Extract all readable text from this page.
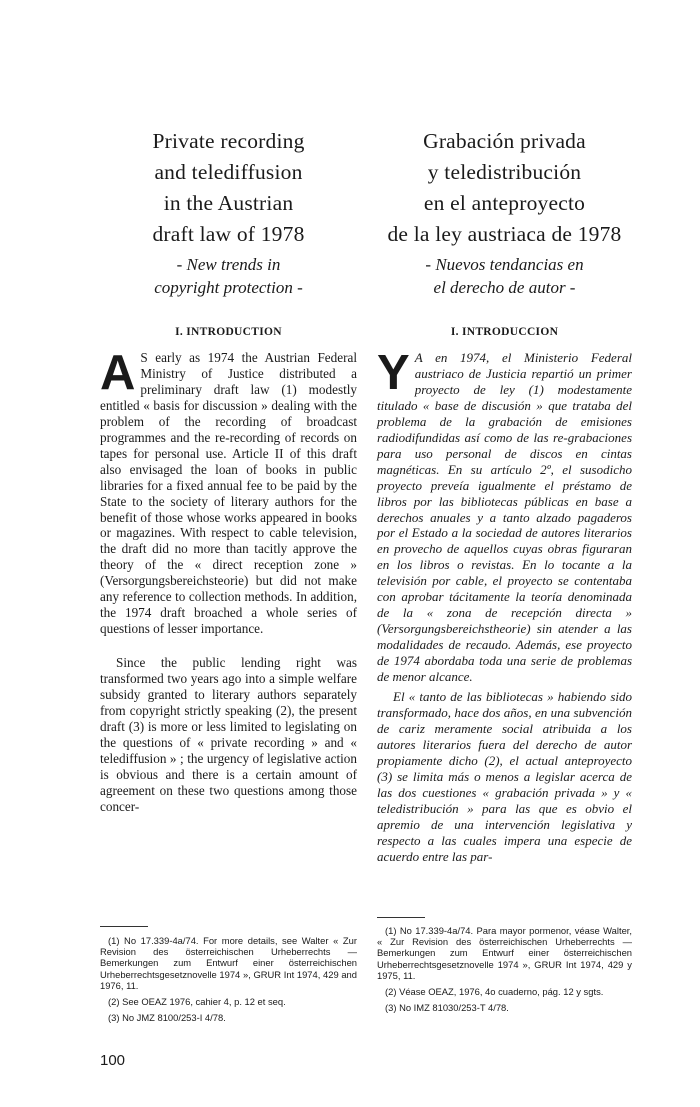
Private recording
and telediffusion
in the Austrian
draft law of 1978

- New trends in
copyright protection -

I. INTRODUCTION

A S early as 1974 the Austrian Federal Ministry of Justice distributed a preliminary draft law (1) modestly entitled « basis for discussion » dealing with the problem of the recording of broadcast programmes and the re-recording of records on tapes for personal use. Article II of this draft also envisaged the loan of books in public libraries for a fixed annual fee to be paid by the State to the society of literary authors for the benefit of those whose works appeared in books or magazines. With respect to cable television, the draft did no more than tacitly approve the theory of the « direct reception zone » (Versorgungsbereichsteorie) but did not make any reference to collection methods. In addition, the 1974 draft broached a whole series of questions of lesser importance.

Since the public lending right was transformed two years ago into a simple welfare subsidy granted to literary authors separately from copyright strictly speaking (2), the present draft (3) is more or less limited to legislating on the questions of « private recording » and « telediffusion » ; the urgency of legislative action is obvious and there is a certain amount of agreement on these two questions among those concer-

(1) No 17.339-4a/74. For more details, see Walter « Zur Revision des österreichischen Urheberrechts — Bemerkungen zum Entwurf einer österreichischen Urheberrechtsgesetznovelle 1974 », GRUR Int 1974, 429 and 1976, 11.
(2) See OEAZ 1976, cahier 4, p. 12 et seq.
(3) No JMZ 8100/253-I 4/78.
Grabación privada
y teledistribución
en el anteproyecto
de la ley austriaca de 1978

- Nuevos tendancias en
el derecho de autor -

I. INTRODUCCION

Y A en 1974, el Ministerio Federal austriaco de Justicia repartió un primer proyecto de ley (1) modestamente titulado « base de discusión » que trataba del problema de la grabación de emisiones radiodifundidas así como de las re-grabaciones para uso personal de discos en cintas magnéticas. En su artículo 2º, el susodicho proyecto preveía igualmente el préstamo de libros por las bibliotecas públicas en base a derechos anuales y a tanto alzado pagaderos por el Estado a la sociedad de autores literarios en provecho de aquellos cuyas obras figuraran en los libros o revistas. En lo tocante a la televisión por cable, el proyecto se contentaba con aprobar tácitamente la teoría denominada de la « zona de recepción directa » (Versorgungsbereichstheorie) sin atender a las modalidades de recaudo. Además, ese proyecto de 1974 abordaba toda una serie de problemas de menor alcance.

El « tanto de las bibliotecas » habiendo sido transformado, hace dos años, en una subvención de cariz meramente social atribuida a los autores literarios fuera del derecho de autor propiamente dicho (2), el actual anteproyecto (3) se limita más o menos a legislar acerca de las dos cuestiones « grabación privada » y « teledistribución » para las que es obvio el apremio de una intervención legislativa y respecto a las cuales impera una especie de acuerdo entre las par-

(1) No 17.339-4a/74. Para mayor pormenor, véase Walter, « Zur Revision des österreichischen Urheberrechts — Bemerkungen zum Entwurf einer österreichischen Urheberrechtsgesetznovelle 1974 », GRUR Int 1974, 429 y 1975, 11.
(2) Véase OEAZ, 1976, 4o cuaderno, pág. 12 y sgts.
(3) No IMZ 81030/253-T 4/78.

100
